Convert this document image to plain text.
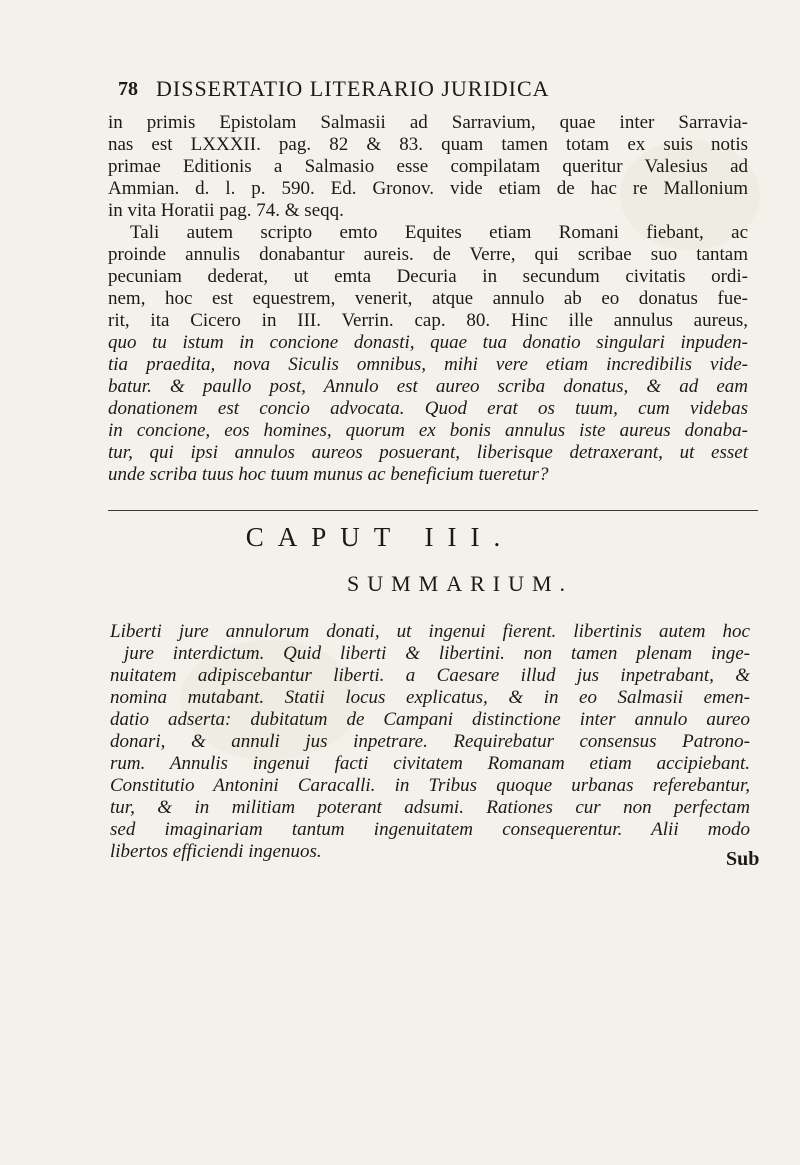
78 DISSERTATIO LITERARIO JURIDICA
in primis Epistolam Salmasii ad Sarravium, quae inter Sarravia-
nas est LXXXII. pag. 82 & 83. quam tamen totam ex suis notis
primae Editionis a Salmasio esse compilatam queritur Valesius ad
Ammian. d. l. p. 590. Ed. Gronov. vide etiam de hac re Mallonium
in vita Horatii pag. 74. & seqq.
Tali autem scripto emto Equites etiam Romani fiebant, ac
proinde annulis donabantur aureis. de Verre, qui scribae suo tantam
pecuniam dederat, ut emta Decuria in secundum civitatis ordi-
nem, hoc est equestrem, venerit, atque annulo ab eo donatus fue-
rit, ita Cicero in III. Verrin. cap. 80. Hinc ille annulus aureus,
quo tu istum in concione donasti, quae tua donatio singulari inpuden-
tia praedita, nova Siculis omnibus, mihi vere etiam incredibilis vide-
batur. & paullo post, Annulo est aureo scriba donatus, & ad eam
donationem est concio advocata. Quod erat os tuum, cum videbas
in concione, eos homines, quorum ex bonis annulus iste aureus donaba-
tur, qui ipsi annulos aureos posuerant, liberisque detraxerant, ut esset
unde scriba tuus hoc tuum munus ac beneficium tueretur?
CAPUT III.
SUMMARIUM.
Liberti jure annulorum donati, ut ingenui fierent. libertinis autem hoc
jure interdictum. Quid liberti & libertini. non tamen plenam inge-
nuitatem adipiscebantur liberti. a Caesare illud jus inpetrabant, &
nomina mutabant. Statii locus explicatus, & in eo Salmasii emen-
datio adserta: dubitatum de Campani distinctione inter annulo aureo
donari, & annuli jus inpetrare. Requirebatur consensus Patrono-
rum. Annulis ingenui facti civitatem Romanam etiam accipiebant.
Constitutio Antonini Caracalli. in Tribus quoque urbanas referebantur,
tur, & in militiam poterant adsumi. Rationes cur non perfectam
sed imaginariam tantum ingenuitatem consequerentur. Alii modo
libertos efficiendi ingenuos.	Sub
